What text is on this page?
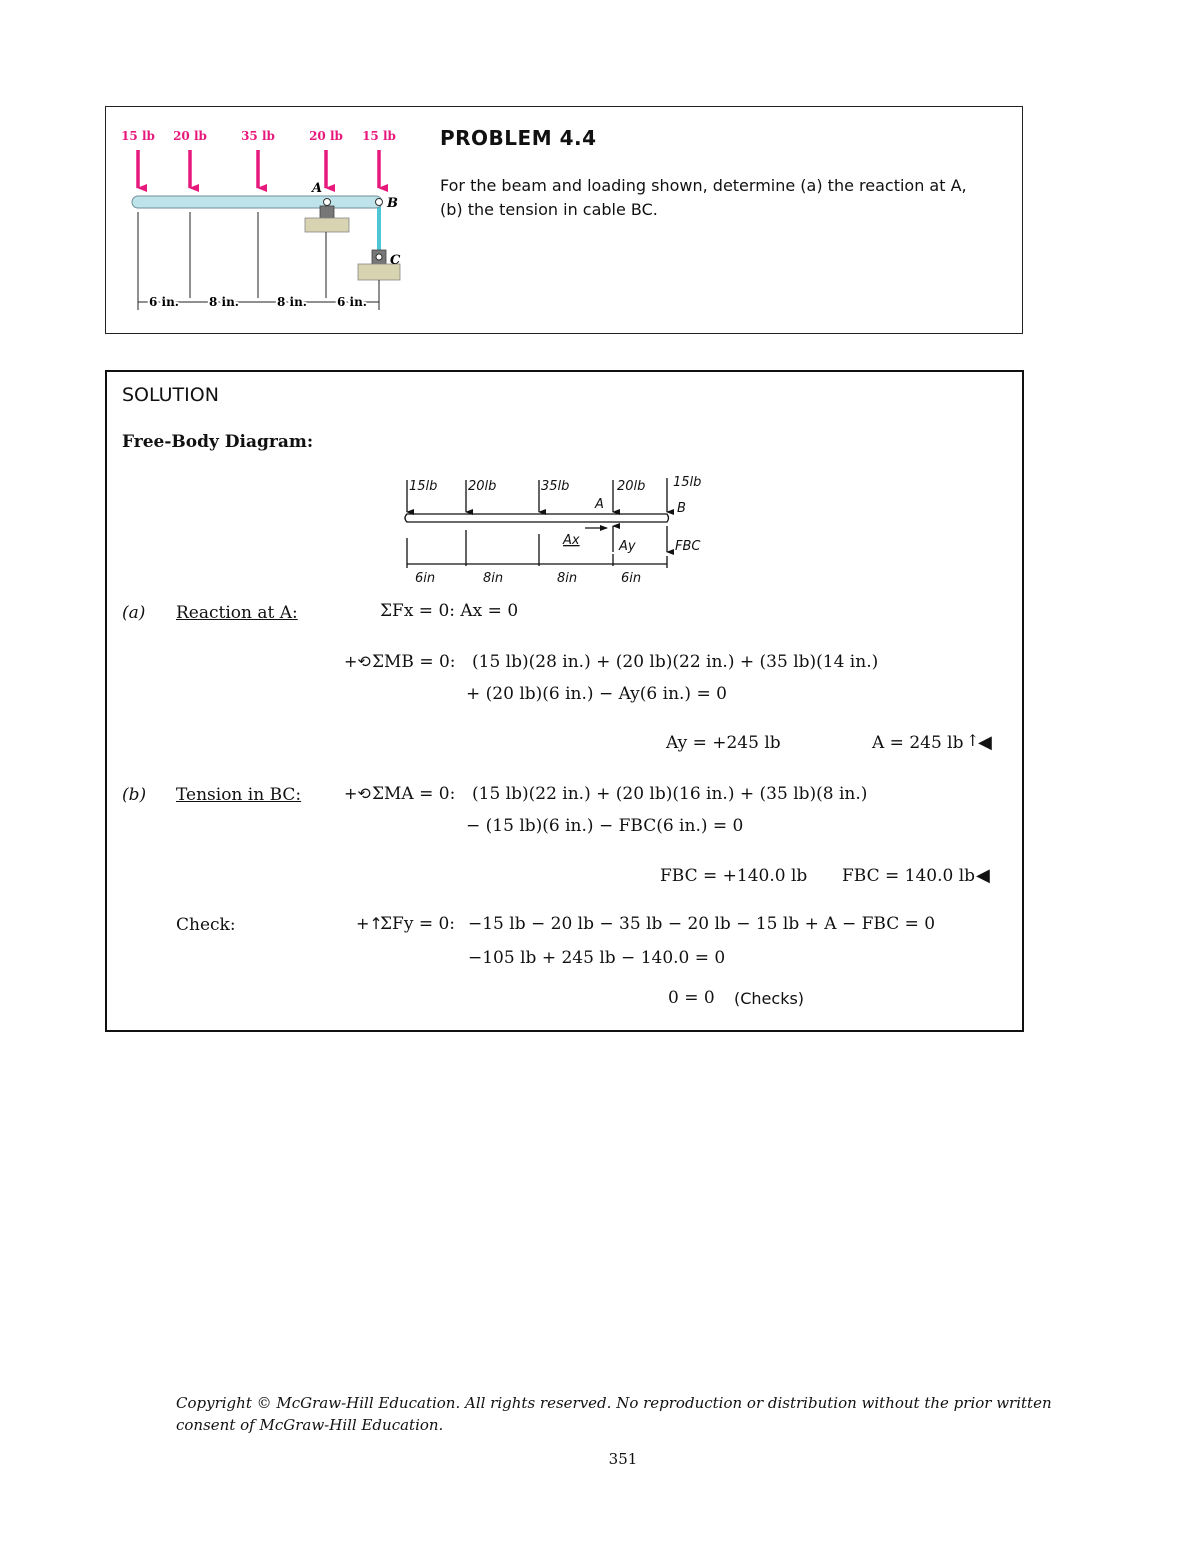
15 lb 20 lb	35 lb	20 lb 15 lb
A
B
C
6 in.	8 in.	8 in.	6 in.
PROBLEM 4.4
For the beam and loading shown, determine (a) the reaction at A,
(b) the tension in cable BC.
SOLUTION
Free-Body Diagram:
15lb 20lb	35lb	20lb 15lb
A	B
Ax	Ay	FBC
6in	8in	8in	6in
(a) Reaction at A:	ΣFx = 0: Ax = 0
+⟲ ΣMB = 0: (15 lb)(28 in.) + (20 lb)(22 in.) + (35 lb)(14 in.)
+ (20 lb)(6 in.) − Ay(6 in.) = 0
Ay = +245 lb	A = 245 lb ↑
◀
(b) Tension in BC:	+⟲ ΣMA = 0: (15 lb)(22 in.) + (20 lb)(16 in.) + (35 lb)(8 in.)
− (15 lb)(6 in.) − FBC(6 in.) = 0
FBC = +140.0 lb FBC = 140.0 lb ◀
Check:	+↑
ΣFy = 0: −15 lb − 20 lb − 35 lb − 20 lb − 15 lb + A − FBC = 0
−105 lb + 245 lb − 140.0 = 0
0 = 0 (Checks)
Copyright © McGraw-Hill Education. All rights reserved. No reproduction or distribution without the prior written
consent of McGraw-Hill Education.
351
